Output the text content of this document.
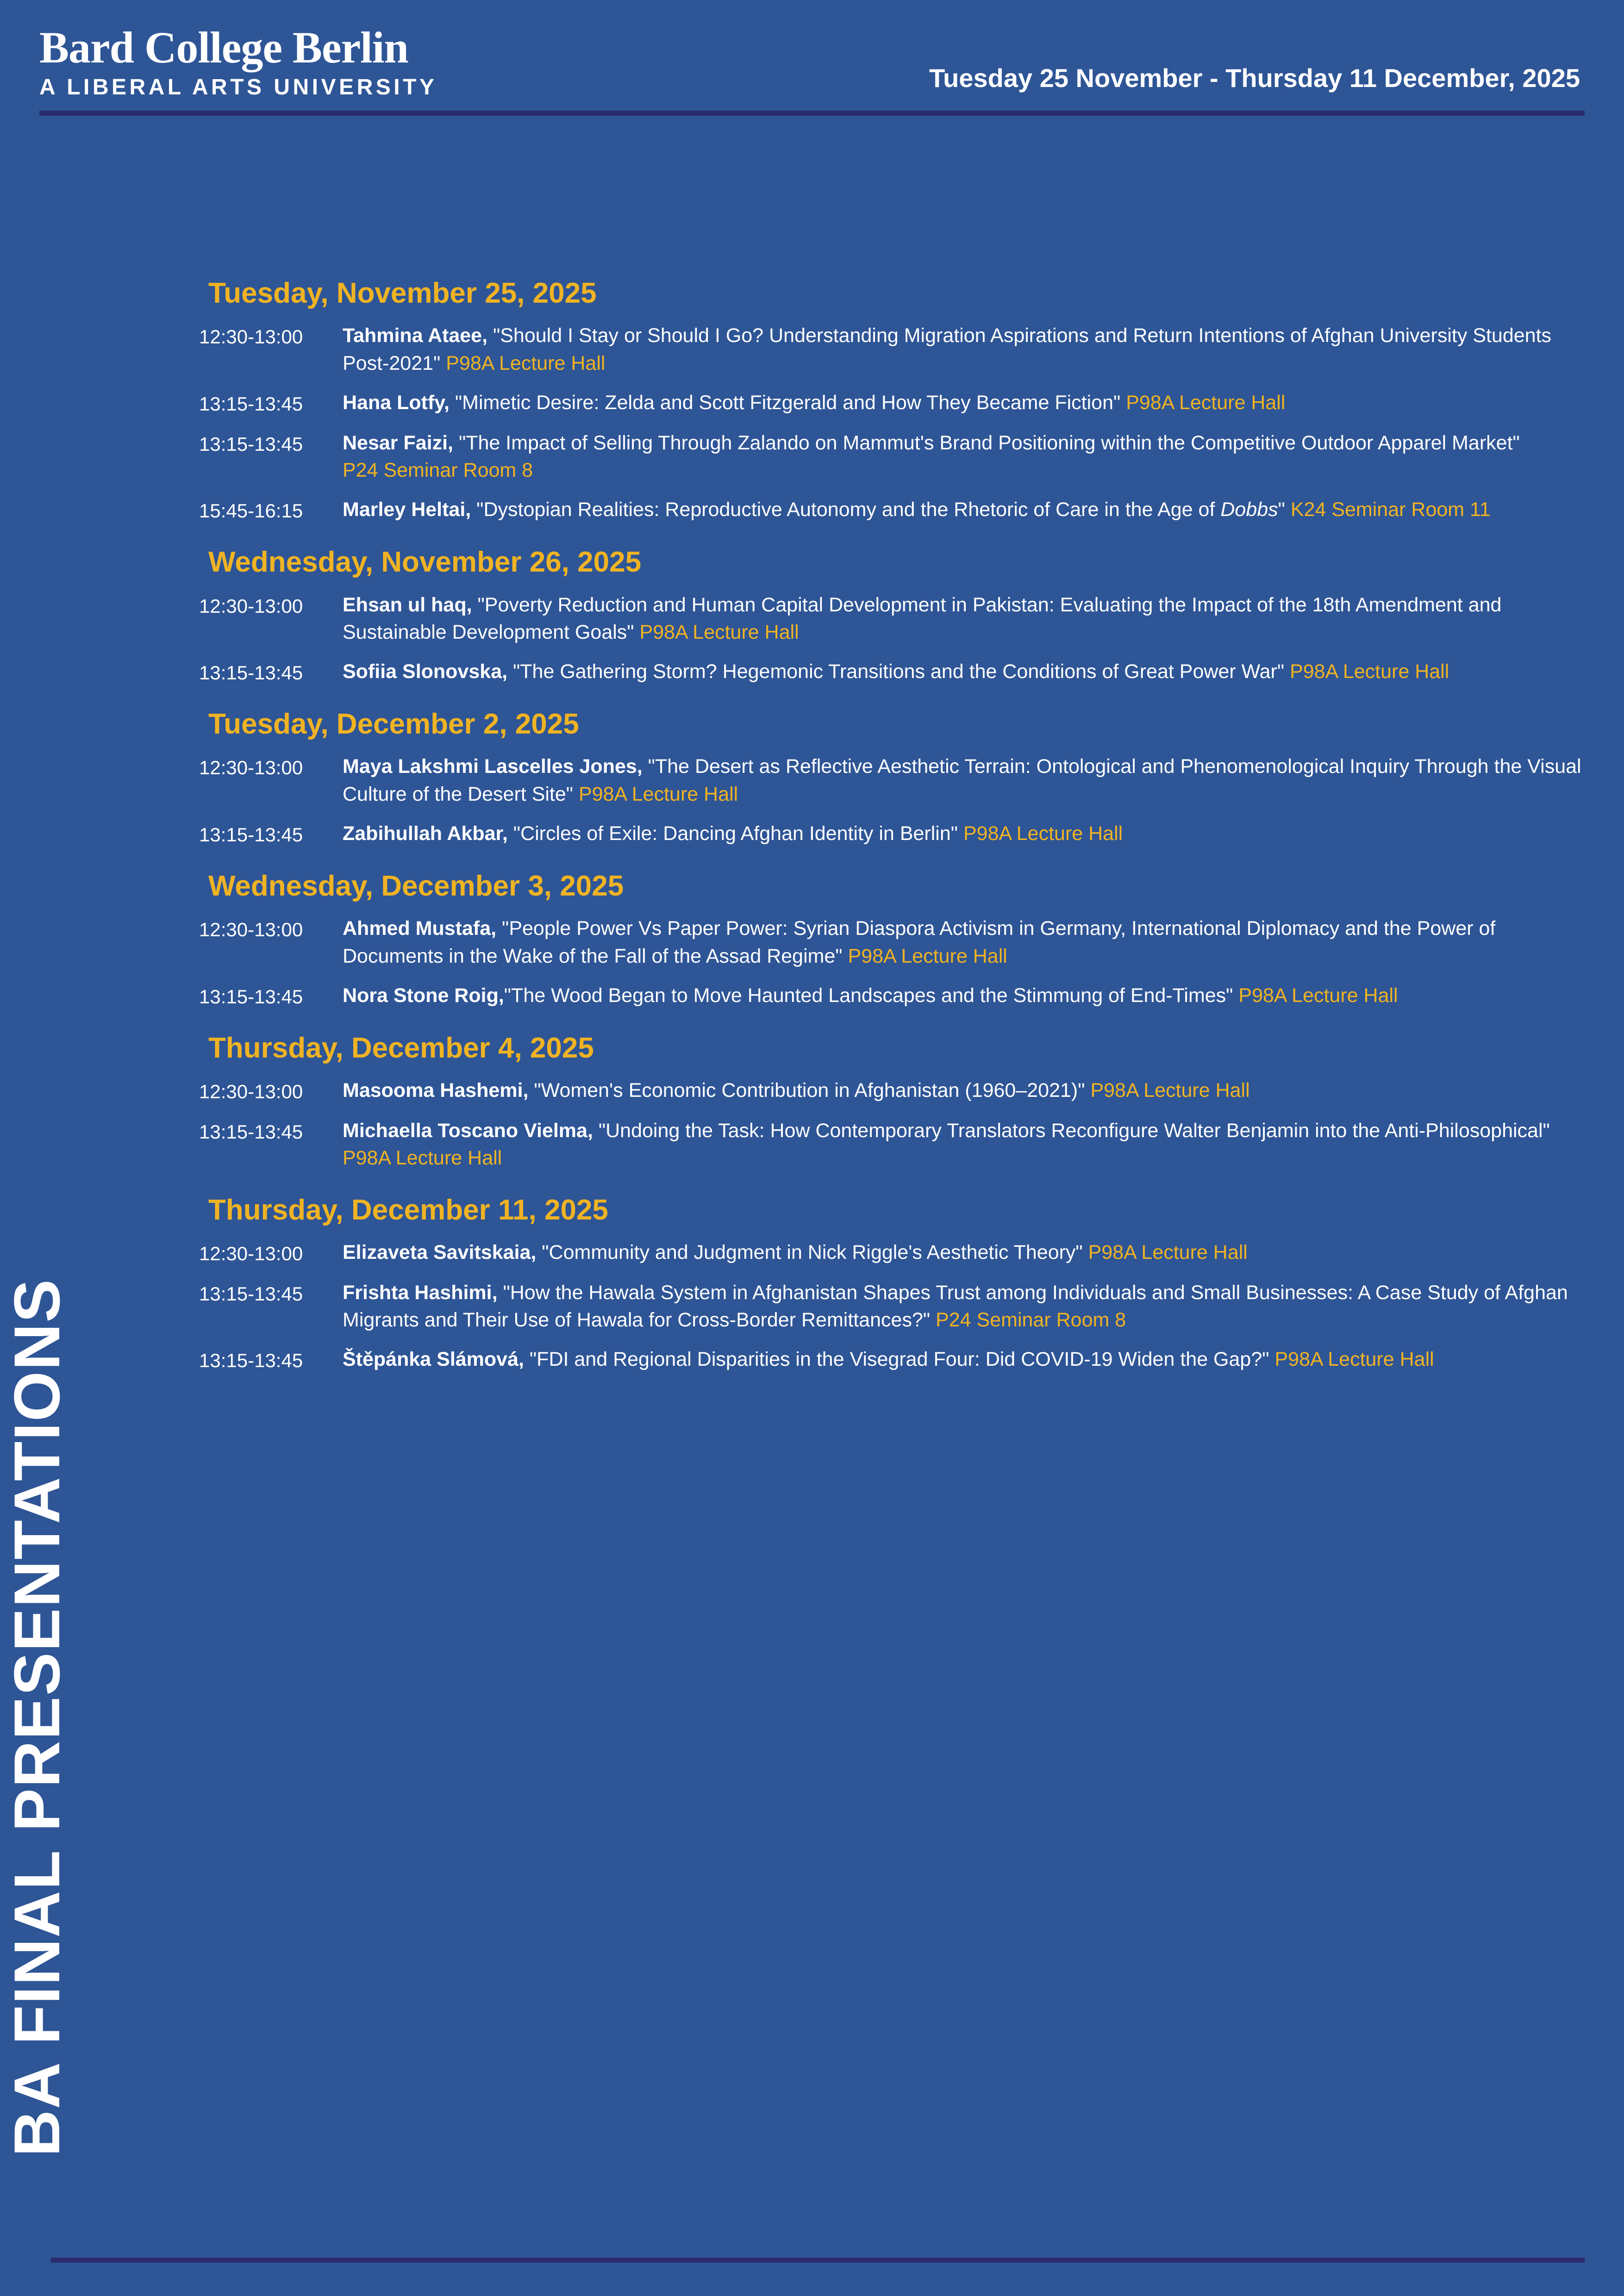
Bard College Berlin
A LIBERAL ARTS UNIVERSITY	Tuesday 25 November - Thursday 11 December, 2025
BA FINAL PRESENTATIONS
Tuesday, November 25, 2025
12:30-13:00	Tahmina Ataee, "Should I Stay or Should I Go? Understanding Migration Aspirations and Return Intentions of Afghan University Students Post-2021" P98A Lecture Hall
13:15-13:45	Hana Lotfy, "Mimetic Desire: Zelda and Scott Fitzgerald and How They Became Fiction" P98A Lecture Hall
13:15-13:45	Nesar Faizi, "The Impact of Selling Through Zalando on Mammut's Brand Positioning within the Competitive Outdoor Apparel Market" P24 Seminar Room 8
15:45-16:15	Marley Heltai, "Dystopian Realities: Reproductive Autonomy and the Rhetoric of Care in the Age of Dobbs" K24 Seminar Room 11
Wednesday, November 26, 2025
12:30-13:00	Ehsan ul haq, "Poverty Reduction and Human Capital Development in Pakistan: Evaluating the Impact of the 18th Amendment and Sustainable Development Goals" P98A Lecture Hall
13:15-13:45	Sofiia Slonovska, "The Gathering Storm? Hegemonic Transitions and the Conditions of Great Power War" P98A Lecture Hall
Tuesday, December 2, 2025
12:30-13:00	Maya Lakshmi Lascelles Jones, "The Desert as Reflective Aesthetic Terrain: Ontological and Phenomenological Inquiry Through the Visual Culture of the Desert Site" P98A Lecture Hall
13:15-13:45	Zabihullah Akbar, "Circles of Exile: Dancing Afghan Identity in Berlin" P98A Lecture Hall
Wednesday, December 3, 2025
12:30-13:00	Ahmed Mustafa, "People Power Vs Paper Power: Syrian Diaspora Activism in Germany, International Diplomacy and the Power of Documents in the Wake of the Fall of the Assad Regime" P98A Lecture Hall
13:15-13:45	Nora Stone Roig,"The Wood Began to Move Haunted Landscapes and the Stimmung of End-Times" P98A Lecture Hall
Thursday, December 4, 2025
12:30-13:00	Masooma Hashemi, "Women's Economic Contribution in Afghanistan (1960–2021)" P98A Lecture Hall
13:15-13:45	Michaella Toscano Vielma, "Undoing the Task: How Contemporary Translators Reconfigure Walter Benjamin into the Anti-Philosophical" P98A Lecture Hall
Thursday, December 11, 2025
12:30-13:00	Elizaveta Savitskaia, "Community and Judgment in Nick Riggle's Aesthetic Theory" P98A Lecture Hall
13:15-13:45	Frishta Hashimi, "How the Hawala System in Afghanistan Shapes Trust among Individuals and Small Businesses: A Case Study of Afghan Migrants and Their Use of Hawala for Cross-Border Remittances?" P24 Seminar Room 8
13:15-13:45	Štěpánka Slámová, "FDI and Regional Disparities in the Visegrad Four: Did COVID-19 Widen the Gap?" P98A Lecture Hall
